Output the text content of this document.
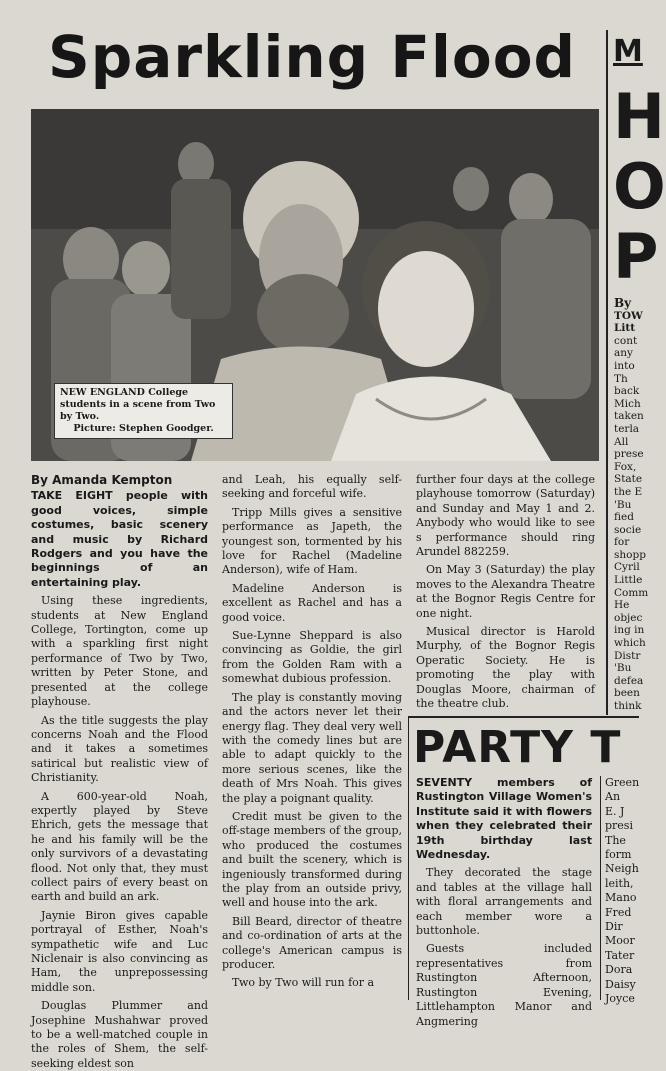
Sparkling Flood
NEW ENGLAND College students in a scene from Two by Two.
Picture: Stephen Goodger.
By Amanda Kempton

TAKE EIGHT people with good voices, simple costumes, basic scenery and music by Richard Rodgers and you have the beginnings of an entertaining play.

Using these ingredients, students at New England College, Tortington, come up with a sparkling first night performance of Two by Two, written by Peter Stone, and presented at the college playhouse.

As the title suggests the play concerns Noah and the Flood and it takes a sometimes satirical but realistic view of Christianity.

A 600-year-old Noah, expertly played by Steve Ehrich, gets the message that he and his family will be the only survivors of a devastating flood. Not only that, they must collect pairs of every beast on earth and build an ark.

Jaynie Biron gives capable portrayal of Esther, Noah's sympathetic wife and Luc Niclenair is also convincing as Ham, the unprepossessing middle son.

Douglas Plummer and Josephine Mushahwar proved to be a well-matched couple in the roles of Shem, the self-seeking eldest son

and Leah, his equally self-seeking and forceful wife.

Tripp Mills gives a sensitive performance as Japeth, the youngest son, tormented by his love for Rachel (Madeline Anderson), wife of Ham.

Madeline Anderson is excellent as Rachel and has a good voice.

Sue-Lynne Sheppard is also convincing as Goldie, the girl from the Golden Ram with a somewhat dubious profession.

The play is constantly moving and the actors never let their energy flag. They deal very well with the comedy lines but are able to adapt quickly to the more serious scenes, like the death of Mrs Noah. This gives the play a poignant quality.

Credit must be given to the off-stage members of the group, who produced the costumes and built the scenery, which is ingeniously transformed during the play from an outside privy, well and house into the ark.

Bill Beard, director of theatre and co-ordination of arts at the college's American campus is producer.

Two by Two will run for a

further four days at the college playhouse tomorrow (Saturday) and Sunday and May 1 and 2. Anybody who would like to see s performance should ring Arundel 882259.

On May 3 (Saturday) the play moves to the Alexandra Theatre at the Bognor Regis Centre for one night.

Musical director is Harold Murphy, of the Bognor Regis Operatic Society. He is promoting the play with Douglas Moore, chairman of the theatre club.

PARTY T

SEVENTY members of Rustington Village Women's Institute said it with flowers when they celebrated their 19th birthday last Wednesday.

They decorated the stage and tables at the village hall with floral arrangements and each member wore a buttonhole.

Guests included representatives from Rustington Afternoon, Rustington Evening, Littlehampton Manor and Angmering

Green
An
E. J
presi
The
form
Neigh
leith,
Mano
Fred
Dir
Moor
Tater
Dora
Daisy
Joyce
M
H
O
P
By
TOW
Litt
cont
any
into
Th
back
Mich
taken
terla
All
prese
Fox,
State
the E
'Bu
fied
socie
for
shopp
Cyril
Little
Comm
He
objec
ing in
which
Distr
'Bu
defea
been
think
